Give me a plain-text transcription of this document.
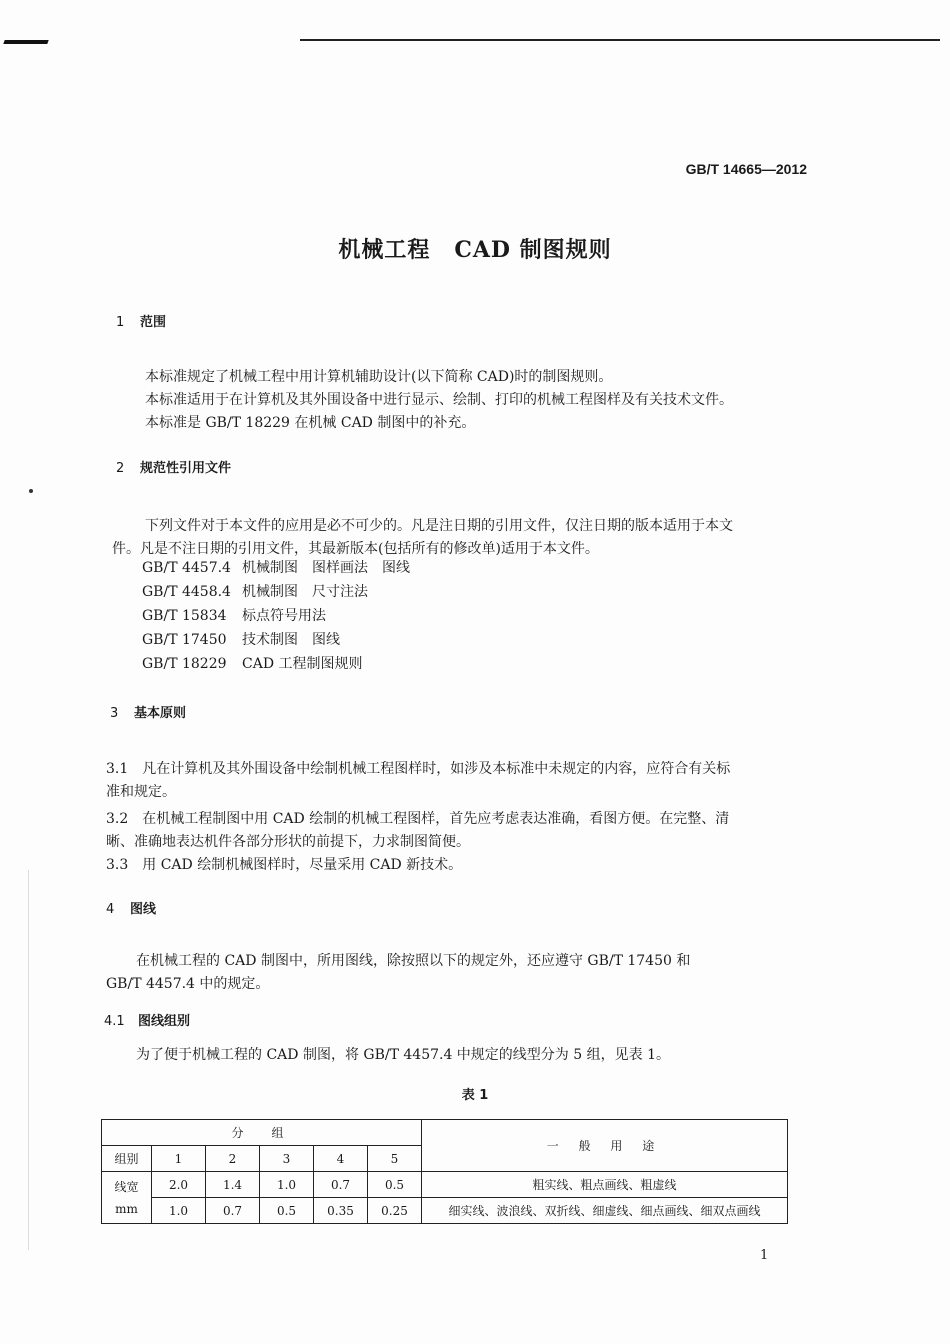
GB/T 14665—2012
机械工程 CAD 制图规则
1 范围
本标准规定了机械工程中用计算机辅助设计(以下简称 CAD)时的制图规则。
本标准适用于在计算机及其外围设备中进行显示、绘制、打印的机械工程图样及有关技术文件。
本标准是 GB/T 18229 在机械 CAD 制图中的补充。
2 规范性引用文件
下列文件对于本文件的应用是必不可少的。凡是注日期的引用文件，仅注日期的版本适用于本文
件。凡是不注日期的引用文件，其最新版本(包括所有的修改单)适用于本文件。
GB/T 4457.4 机械制图　图样画法　图线
GB/T 4458.4 机械制图　尺寸注法
GB/T 15834 标点符号用法
GB/T 17450 技术制图　图线
GB/T 18229 CAD 工程制图规则
3 基本原则
3.1　凡在计算机及其外围设备中绘制机械工程图样时，如涉及本标准中未规定的内容，应符合有关标
准和规定。
3.2　在机械工程制图中用 CAD 绘制的机械工程图样，首先应考虑表达准确，看图方便。在完整、清
晰、准确地表达机件各部分形状的前提下，力求制图简便。
3.3　用 CAD 绘制机械图样时，尽量采用 CAD 新技术。
4 图线
在机械工程的 CAD 制图中，所用图线，除按照以下的规定外，还应遵守 GB/T 17450 和
GB/T 4457.4 中的规定。
4.1 图线组别
为了便于机械工程的 CAD 制图，将 GB/T 4457.4 中规定的线型分为 5 组，见表 1。
表 1
分　组						一 般 用 途
组别	1	2	3	4	5	

线宽
mm	2.0	1.4	1.0	0.7	0.5	粗实线、粗点画线、粗虚线
	1.0	0.7	0.5	0.35	0.25	细实线、波浪线、双折线、细虚线、细点画线、细双点画线
1
